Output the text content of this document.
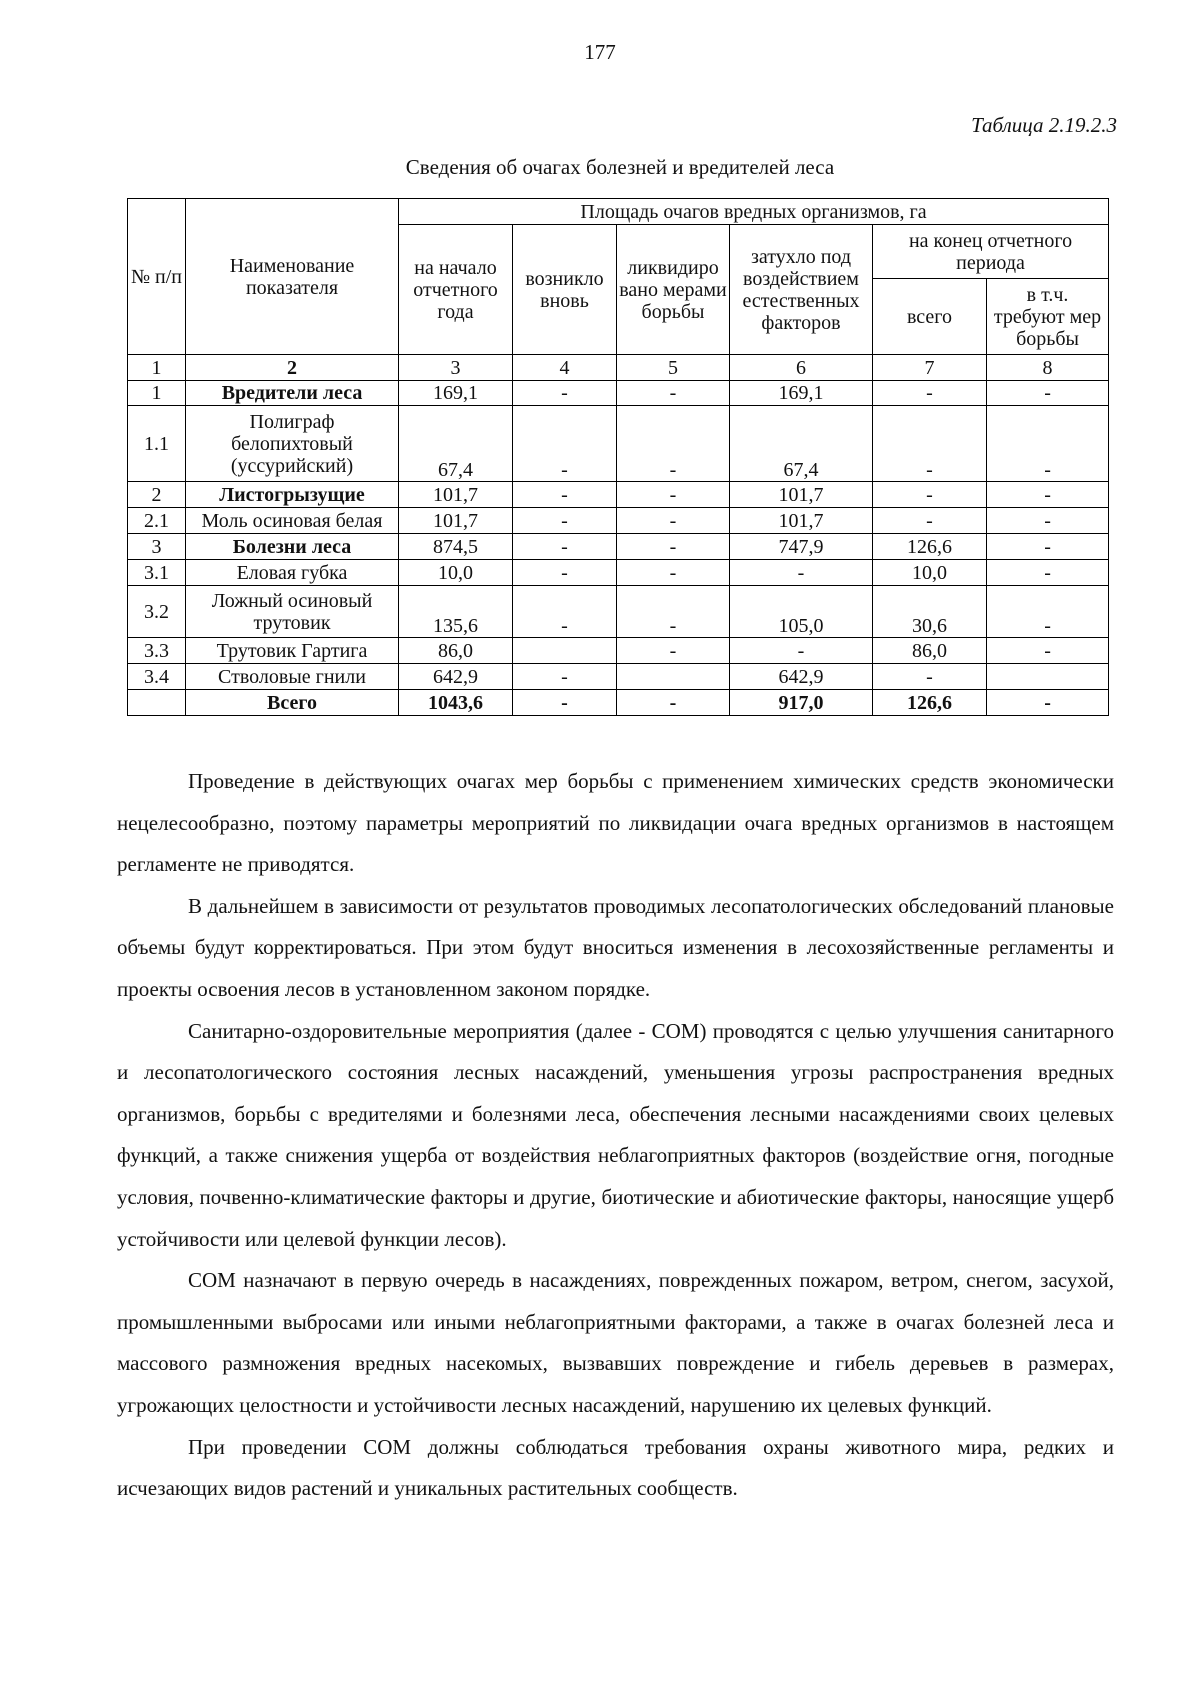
177
Таблица 2.19.2.3
Сведения об очагах болезней и вредителей леса
№ п/п	Наименование показателя	Площадь очагов вредных организмов, га					
		на начало отчетного года	возникло вновь	ликвидиро вано мерами борьбы	затухло под воздействием естественных факторов	на конец отчетного периода	
						всего	в т.ч. требуют мер борьбы

1	2	3	4	5	6	7	8
1	Вредители леса	169,1	-	-	169,1	-	-
1.1	Полиграф белопихтовый (уссурийский)	67,4	-	-	67,4	-	-
2	Листогрызущие	101,7	-	-	101,7	-	-
2.1	Моль осиновая белая	101,7	-	-	101,7	-	-
3	Болезни леса	874,5	-	-	747,9	126,6	-
3.1	Еловая губка	10,0	-	-	-	10,0	-
3.2	Ложный осиновый трутовик	135,6	-	-	105,0	30,6	-
3.3	Трутовик Гартига	86,0		-	-	86,0	-
3.4	Стволовые гнили	642,9	-		642,9	-	
	Всего	1043,6	-	-	917,0	126,6	-

Проведение в действующих очагах мер борьбы с применением химических средств экономически нецелесообразно, поэтому параметры мероприятий по ликвидации очага вредных организмов в настоящем регламенте не приводятся.

В дальнейшем в зависимости от результатов проводимых лесопатологических обследований плановые объемы будут корректироваться. При этом будут вноситься изменения в лесохозяйственные регламенты и проекты освоения лесов в установленном законом порядке.

Санитарно-оздоровительные мероприятия (далее - СОМ) проводятся с целью улучшения санитарного и лесопатологического состояния лесных насаждений, уменьшения угрозы распространения вредных организмов, борьбы с вредителями и болезнями леса, обеспечения лесными насаждениями своих целевых функций, а также снижения ущерба от воздействия неблагоприятных факторов (воздействие огня, погодные условия, почвенно-климатические факторы и другие, биотические и абиотические факторы, наносящие ущерб устойчивости или целевой функции лесов).

СОМ назначают в первую очередь в насаждениях, поврежденных пожаром, ветром, снегом, засухой, промышленными выбросами или иными неблагоприятными факторами, а также в очагах болезней леса и массового размножения вредных насекомых, вызвавших повреждение и гибель деревьев в размерах, угрожающих целостности и устойчивости лесных насаждений, нарушению их целевых функций.

При проведении СОМ должны соблюдаться требования охраны животного мира, редких и исчезающих видов растений и уникальных растительных сообществ.
